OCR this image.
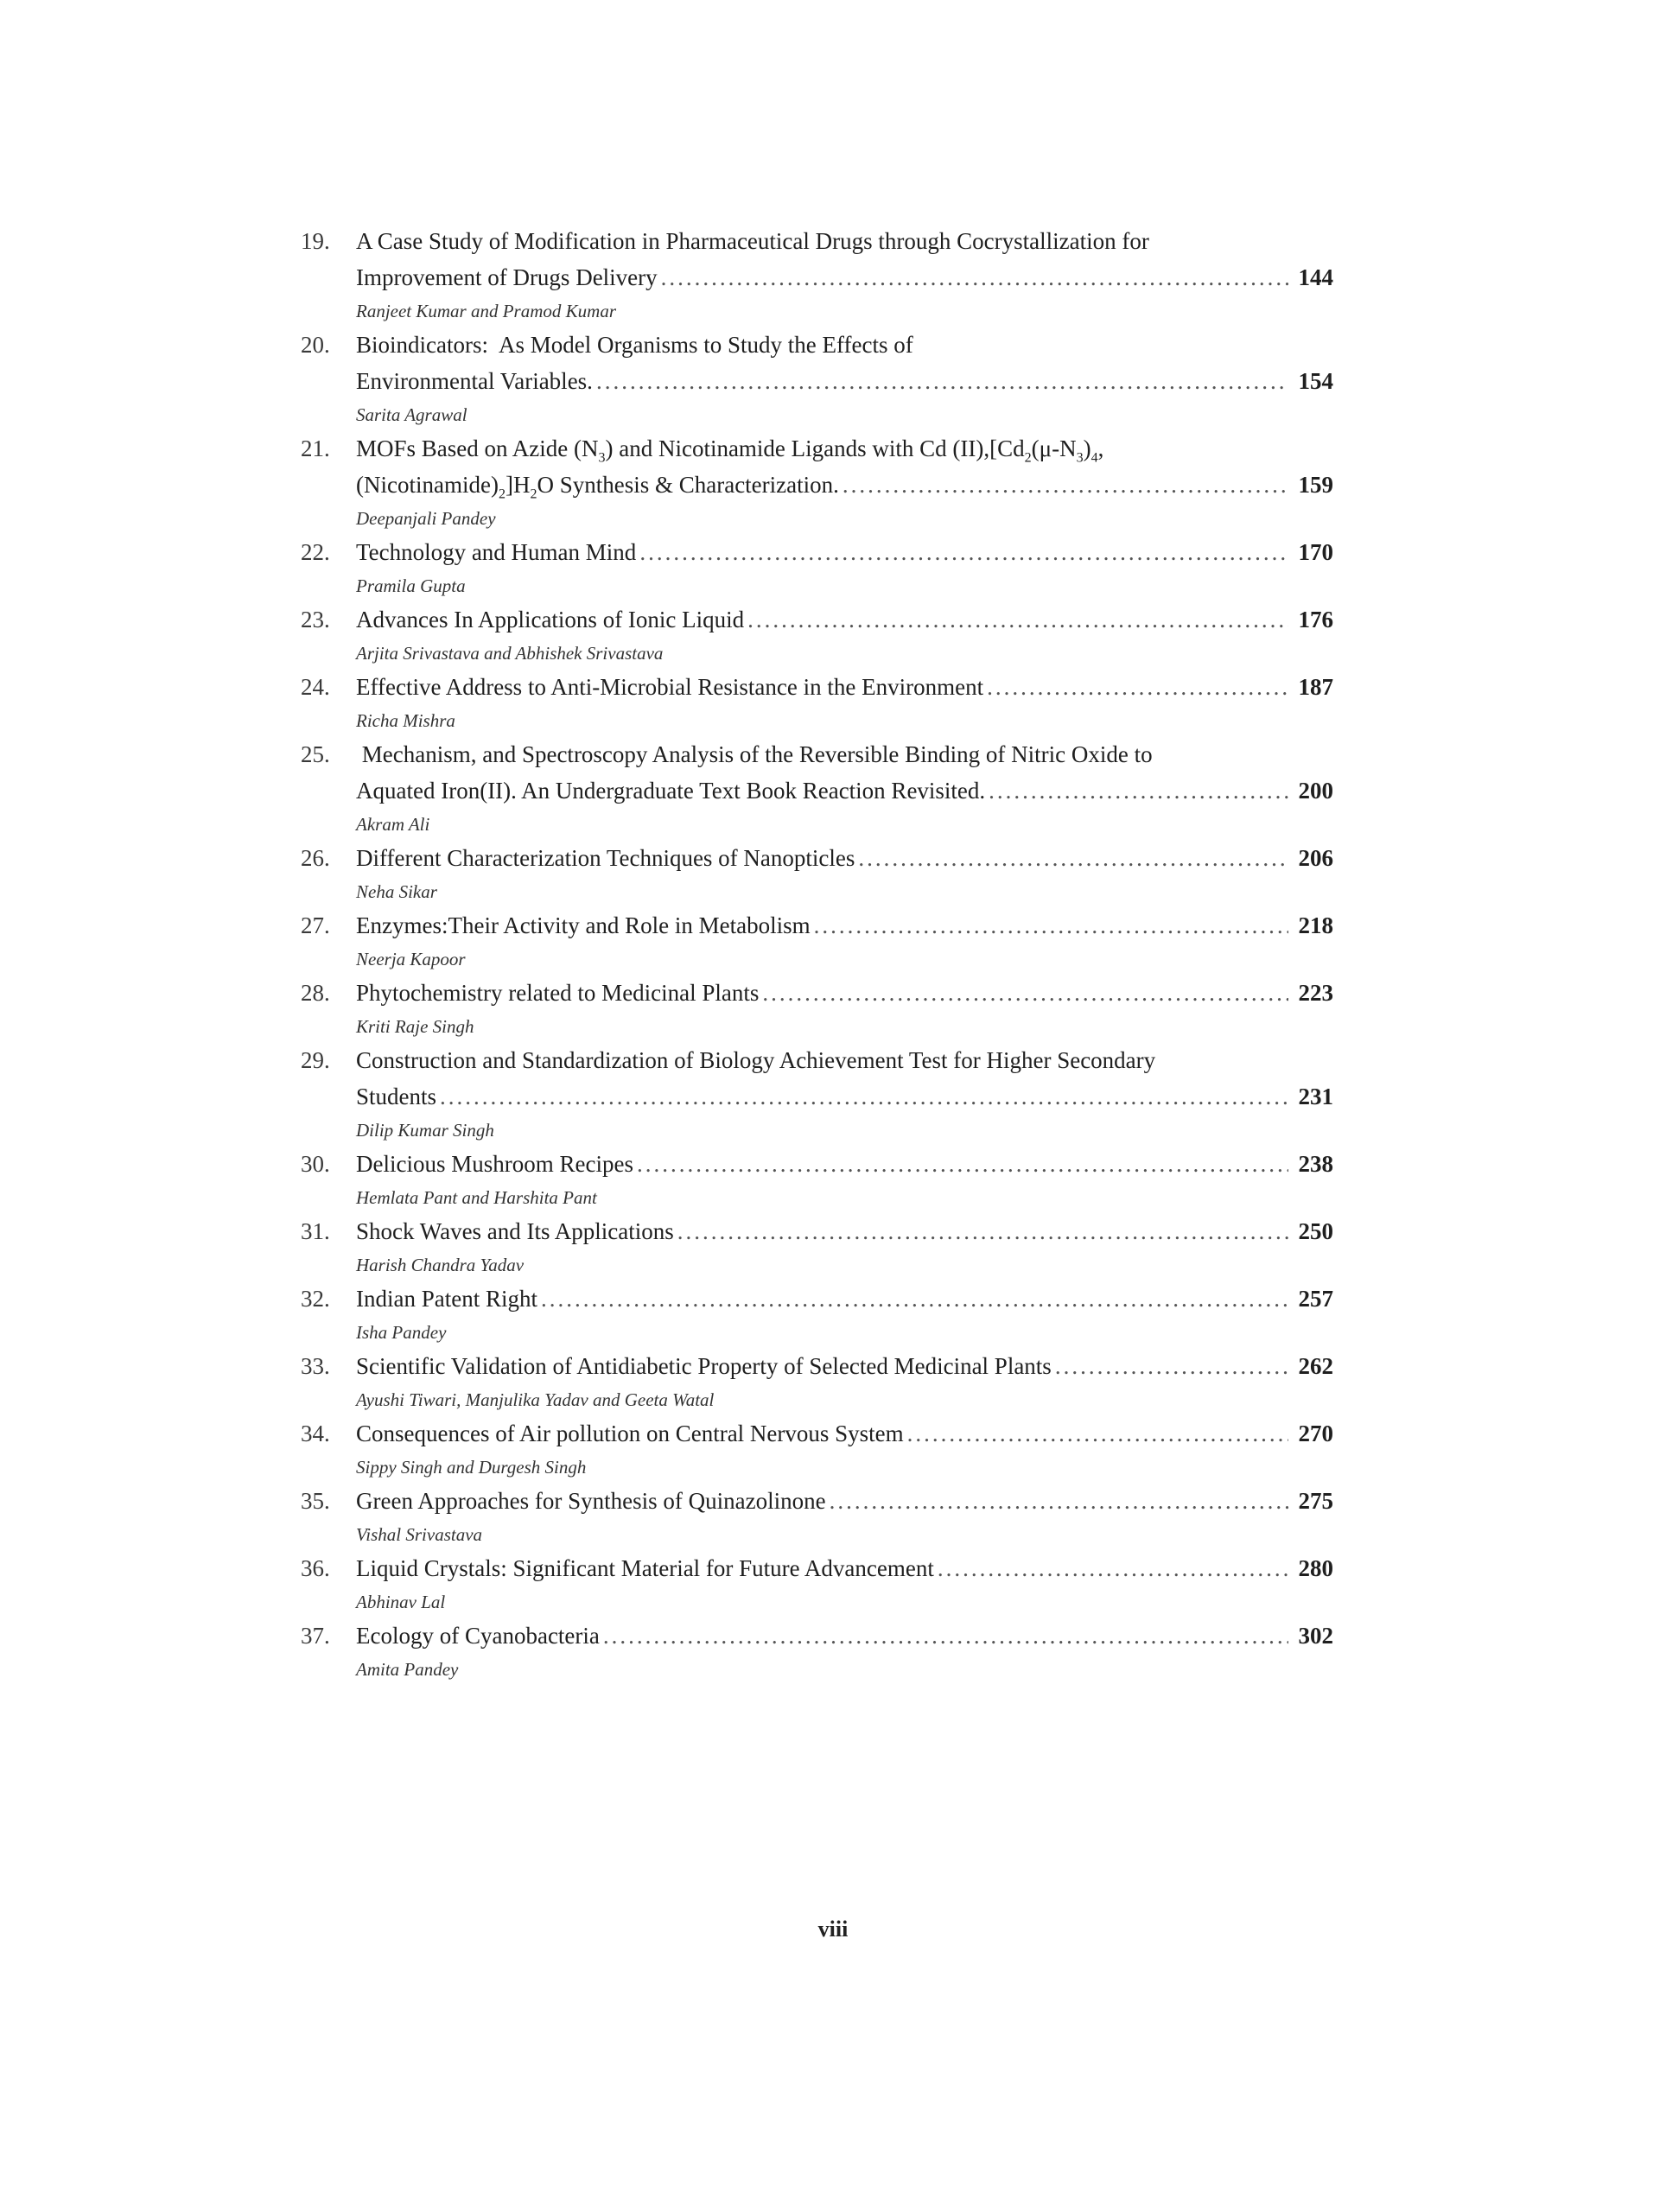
19. A Case Study of Modification in Pharmaceutical Drugs through Cocrystallization for
Improvement of Drugs Delivery .....	144
Ranjeet Kumar and Pramod Kumar
20. Bioindicators:  As Model Organisms to Study the Effects of
Environmental Variables. .....	154
Sarita Agrawal
21. MOFs Based on Azide $(N_3)$ and Nicotinamide Ligands with Cd $(II),[Cd_2(\mu-N_3)_4$,
$(Nicotinamide)_2]H_2O$ Synthesis & Characterization. .....	159
Deepanjali Pandey
22. Technology and Human Mind .....	170
Pramila Gupta
23. Advances In Applications of Ionic Liquid .....	176
Arjita Srivastava and Abhishek Srivastava
24. Effective Address to Anti-Microbial Resistance in the Environment .....	187
Richa Mishra
25. Mechanism, and Spectroscopy Analysis of the Reversible Binding of Nitric Oxide to
Aquated Iron(II). An Undergraduate Text Book Reaction Revisited. .....	200
Akram Ali
26. Different Characterization Techniques of Nanopticles .....	206
Neha Sikar
27. Enzymes:Their Activity and Role in Metabolism .....	218
Neerja Kapoor
28. Phytochemistry related to Medicinal Plants .....	223
Kriti Raje Singh
29. Construction and Standardization of Biology Achievement Test for Higher Secondary
Students .....	231
Dilip Kumar Singh
30. Delicious Mushroom Recipes .....	238
Hemlata Pant and Harshita Pant
31. Shock Waves and Its Applications .....	250
Harish Chandra Yadav
32. Indian Patent Right .....	257
Isha Pandey
33. Scientific Validation of Antidiabetic Property of Selected Medicinal Plants .....	262
Ayushi Tiwari, Manjulika Yadav and Geeta Watal
34. Consequences of Air pollution on Central Nervous System .....	270
Sippy Singh and Durgesh Singh
35. Green Approaches for Synthesis of Quinazolinone .....	275
Vishal Srivastava
36. Liquid Crystals: Significant Material for Future Advancement .....	280
Abhinav Lal
37. Ecology of Cyanobacteria .....	302
Amita Pandey
viii
